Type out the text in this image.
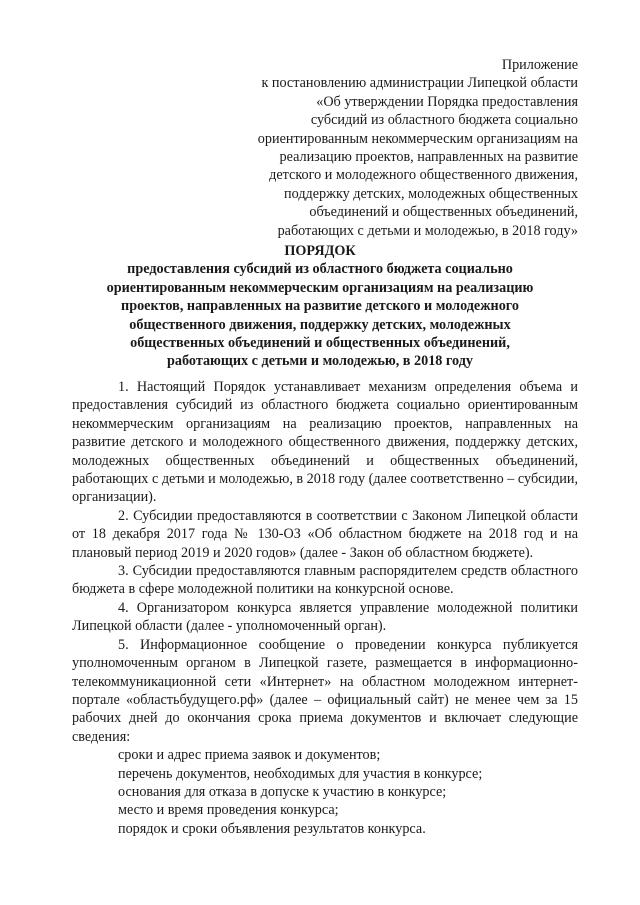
Приложение
к постановлению администрации Липецкой области
«Об утверждении Порядка предоставления
субсидий из областного бюджета социально
ориентированным некоммерческим организациям на
реализацию проектов, направленных на развитие
детского и молодежного общественного движения,
поддержку детских, молодежных общественных
объединений и общественных объединений,
работающих с детьми и молодежью, в 2018 году»
ПОРЯДОК
предоставления субсидий из областного бюджета социально
ориентированным некоммерческим организациям на реализацию
проектов, направленных на развитие детского и молодежного
общественного движения, поддержку детских, молодежных
общественных объединений и общественных объединений,
работающих с детьми и молодежью, в 2018 году

1. Настоящий Порядок устанавливает механизм определения объема и предоставления субсидий из областного бюджета социально ориентированным некоммерческим организациям на реализацию проектов, направленных на развитие детского и молодежного общественного движения, поддержку детских, молодежных общественных объединений и общественных объединений, работающих с детьми и молодежью, в 2018 году (далее соответственно – субсидии, организации).

2. Субсидии предоставляются в соответствии с Законом Липецкой области от 18 декабря 2017 года № 130-ОЗ «Об областном бюджете на 2018 год и на плановый период 2019 и 2020 годов» (далее - Закон об областном бюджете).

3. Субсидии предоставляются главным распорядителем средств областного бюджета в сфере молодежной политики на конкурсной основе.

4. Организатором конкурса является управление молодежной политики Липецкой области (далее - уполномоченный орган).

5. Информационное сообщение о проведении конкурса публикуется уполномоченным органом в Липецкой газете, размещается в информационно-телекоммуникационной сети «Интернет» на областном молодежном интернет-портале «областьбудущего.рф» (далее – официальный сайт) не менее чем за 15 рабочих дней до окончания срока приема документов и включает следующие сведения:

сроки и адрес приема заявок и документов;

перечень документов, необходимых для участия в конкурсе;

основания для отказа в допуске к участию в конкурсе;

место и время проведения конкурса;

порядок и сроки объявления результатов конкурса.
